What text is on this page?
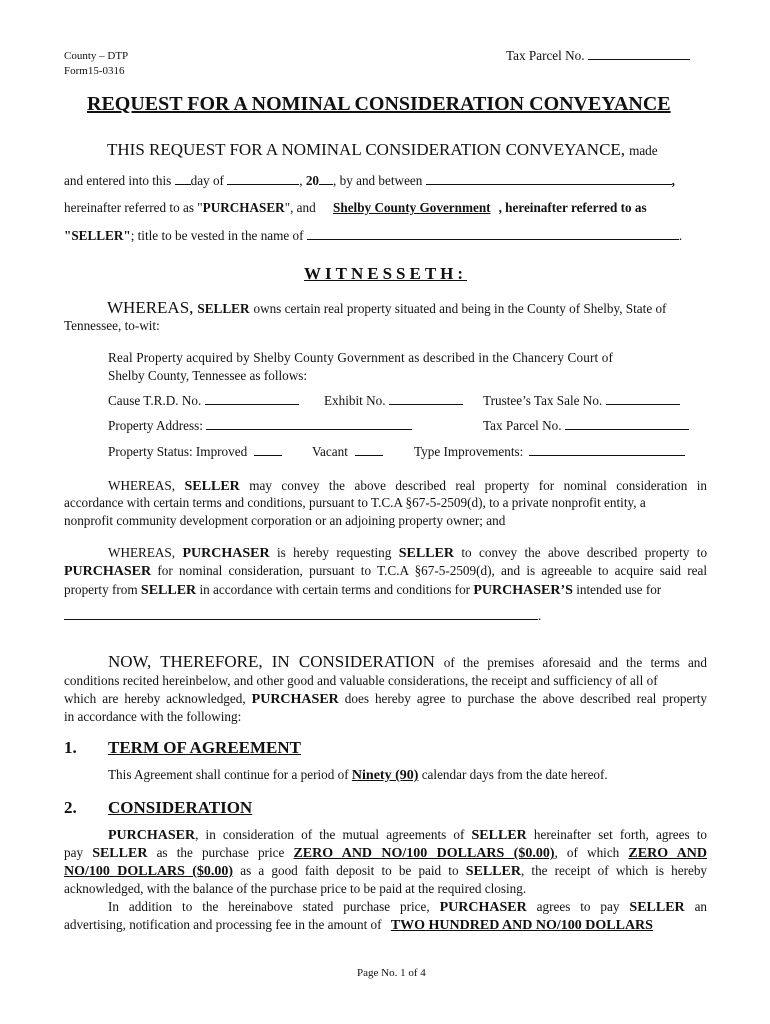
County – DTP
Form15-0316
Tax Parcel No.
REQUEST FOR A NOMINAL CONSIDERATION CONVEYANCE
THIS REQUEST FOR A NOMINAL CONSIDERATION CONVEYANCE, made
and entered into this day of	, 20 , by and between	,
hereinafter referred to as "PURCHASER", and Shelby County Government , hereinafter referred to as
"SELLER"; title to be vested in the name of	.
WITNESSETH:
WHEREAS, SELLER owns certain real property situated and being in the County of Shelby, State of
Tennessee, to-wit:
Real Property acquired by Shelby County Government as described in the Chancery Court of
Shelby County, Tennessee as follows:
Cause T.R.D. No.	Exhibit No.	Trustee’s Tax Sale No.
Property Address:	Tax Parcel No.
Property Status: Improved	Vacant	Type Improvements:
WHEREAS, SELLER may convey the above described real property for nominal consideration in
accordance with certain terms and conditions, pursuant to T.C.A §67-5-2509(d), to a private nonprofit entity, a
nonprofit community development corporation or an adjoining property owner; and
WHEREAS, PURCHASER is hereby requesting SELLER to convey the above described property to
PURCHASER for nominal consideration, pursuant to T.C.A §67-5-2509(d), and is agreeable to acquire said real
property from SELLER in accordance with certain terms and conditions for PURCHASER’S intended use for
.
NOW, THEREFORE, IN CONSIDERATION of the premises aforesaid and the terms and
conditions recited hereinbelow, and other good and valuable considerations, the receipt and sufficiency of all of
which are hereby acknowledged, PURCHASER does hereby agree to purchase the above described real property
in accordance with the following:
1. TERM OF AGREEMENT
This Agreement shall continue for a period of Ninety (90) calendar days from the date hereof.
2. CONSIDERATION
PURCHASER, in consideration of the mutual agreements of SELLER hereinafter set forth, agrees to
pay SELLER as the purchase price ZERO AND NO/100 DOLLARS ($0.00), of which ZERO AND
NO/100 DOLLARS ($0.00) as a good faith deposit to be paid to SELLER, the receipt of which is hereby
acknowledged, with the balance of the purchase price to be paid at the required closing.
In addition to the hereinabove stated purchase price, PURCHASER agrees to pay SELLER an
advertising, notification and processing fee in the amount of TWO HUNDRED AND NO/100 DOLLARS
Page No. 1 of 4
